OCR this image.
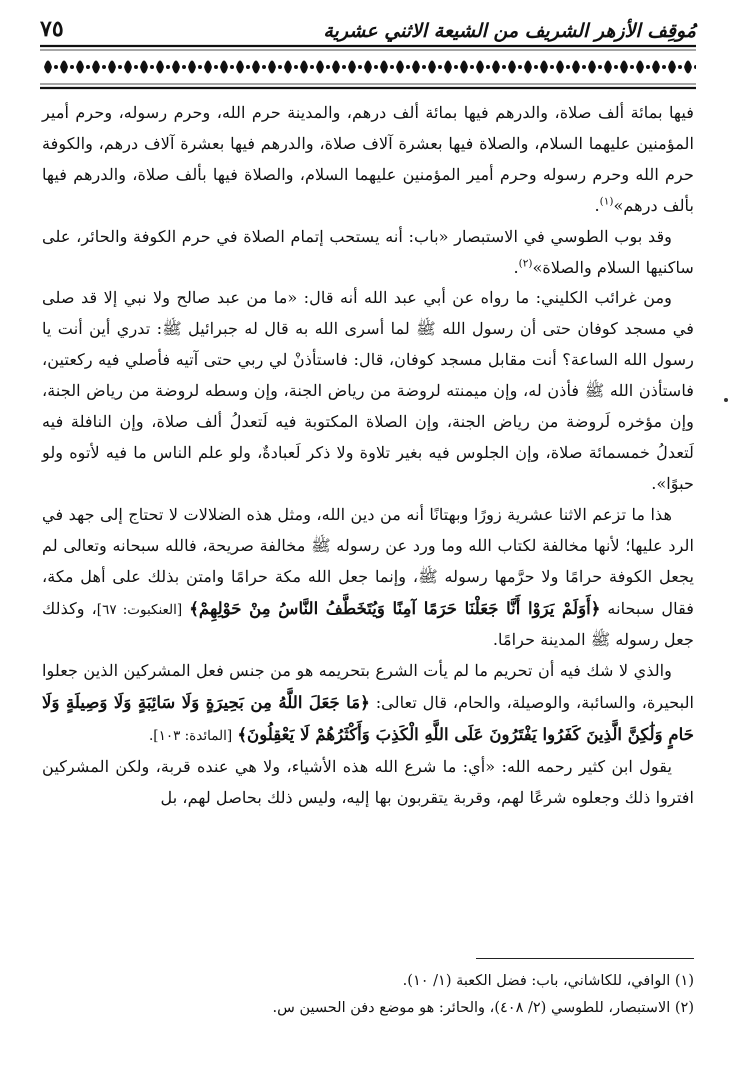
٧٥	مُوقِف الأزهر الشريف من الشيعة الاثني عشرية

فيها بمائة ألف صلاة، والدرهم فيها بمائة ألف درهم، والمدينة حرم الله، وحرم رسوله، وحرم أمير المؤمنين عليهما السلام، والصلاة فيها بعشرة آلاف صلاة، والدرهم فيها بعشرة آلاف درهم، والكوفة حرم الله وحرم رسوله وحرم أمير المؤمنين عليهما السلام، والصلاة فيها بألف صلاة، والدرهم فيها بألف درهم»$^{(١)}$.

وقد بوب الطوسي في الاستبصار «باب: أنه يستحب إتمام الصلاة في حرم الكوفة والحائر، على ساكنيها السلام والصلاة»$^{(٢)}$.

ومن غرائب الكليني: ما رواه عن أبي عبد الله أنه قال: «ما من عبد صالح ولا نبي إلا قد صلى في مسجد كوفان حتى أن رسول الله ﷺ لما أسرى الله به قال له جبرائيل ﷺ: تدري أين أنت يا رسول الله الساعة؟ أنت مقابل مسجد كوفان، قال: فاستأذنْ لي ربي حتى آتيه فأصلي فيه ركعتين، فاستأذن الله ﷺ فأذن له، وإن ميمنته لروضة من رياض الجنة، وإن وسطه لروضة من رياض الجنة، وإن مؤخره لَروضة من رياض الجنة، وإن الصلاة المكتوبة فيه لَتعدلُ ألف صلاة، وإن النافلة فيه لَتعدلُ خمسمائة صلاة، وإن الجلوس فيه بغير تلاوة ولا ذكر لَعبادةٌ، ولو علم الناس ما فيه لأتوه ولو حبوًا».

هذا ما تزعم الاثنا عشرية زورًا وبهتانًا أنه من دين الله، ومثل هذه الضلالات لا تحتاج إلى جهد في الرد عليها؛ لأنها مخالفة لكتاب الله وما ورد عن رسوله ﷺ مخالفة صريحة، فالله سبحانه وتعالى لم يجعل الكوفة حرامًا ولا حرَّمها رسوله ﷺ، وإنما جعل الله مكة حرامًا وامتن بذلك على أهل مكة، فقال سبحانه ﴿أَوَلَمْ يَرَوْا أَنَّا جَعَلْنَا حَرَمًا آمِنًا وَيُتَخَطَّفُ النَّاسُ مِنْ حَوْلِهِمْ﴾ [العنكبوت: ٦٧]، وكذلك جعل رسوله ﷺ المدينة حرامًا.

والذي لا شك فيه أن تحريم ما لم يأت الشرع بتحريمه هو من جنس فعل المشركين الذين جعلوا البحيرة، والسائبة، والوصيلة، والحام، قال تعالى: ﴿مَا جَعَلَ اللَّهُ مِن بَحِيرَةٍ وَلَا سَائِبَةٍ وَلَا وَصِيلَةٍ وَلَا حَامٍ وَلَٰكِنَّ الَّذِينَ كَفَرُوا يَفْتَرُونَ عَلَى اللَّهِ الْكَذِبَ وَأَكْثَرُهُمْ لَا يَعْقِلُونَ﴾ [المائدة: ١٠٣].

يقول ابن كثير رحمه الله: «أي: ما شرع الله هذه الأشياء، ولا هي عنده قربة، ولكن المشركين افتروا ذلك وجعلوه شرعًا لهم، وقربة يتقربون بها إليه، وليس ذلك بحاصل لهم، بل

(١) الوافي، للكاشاني، باب: فضل الكعبة (١/ ١٠).
(٢) الاستبصار، للطوسي (٢/ ٤٠٨)، والحائر: هو موضع دفن الحسين س.
